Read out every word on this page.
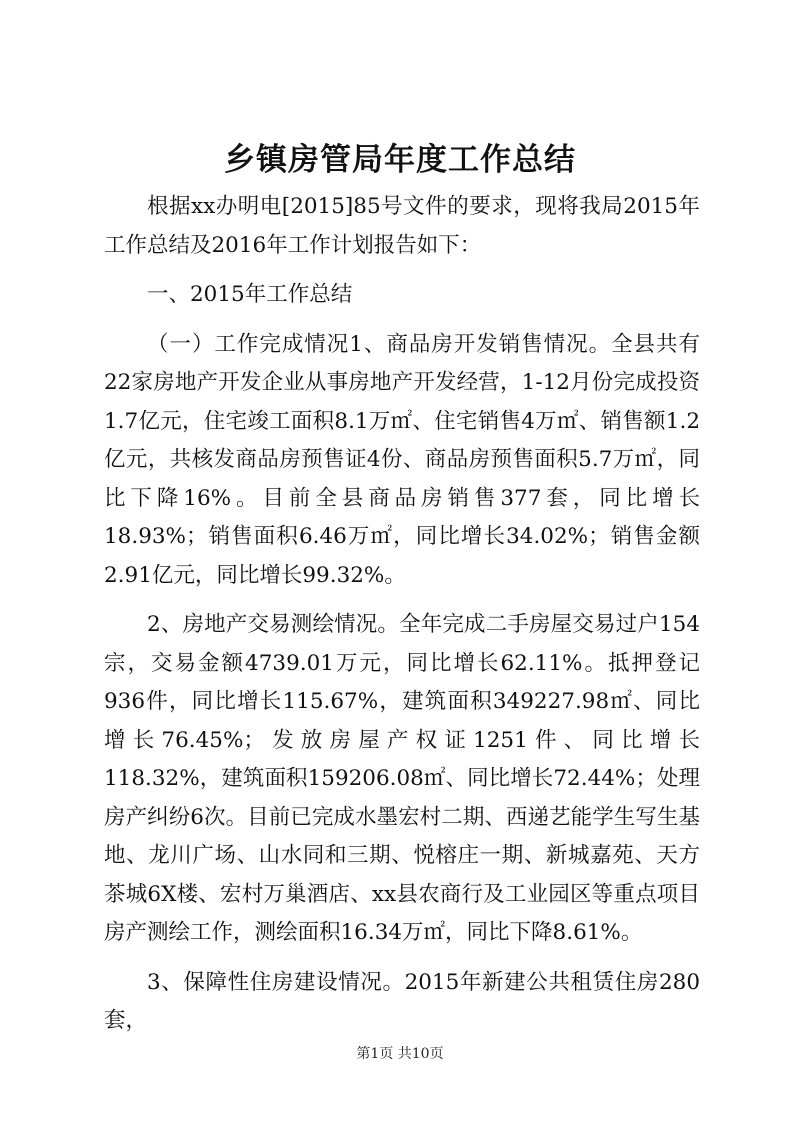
乡镇房管局年度工作总结

根据xx办明电[2015]85号文件的要求，现将我局2015年工作总结及2016年工作计划报告如下：

一、2015年工作总结

（一）工作完成情况1、商品房开发销售情况。全县共有22家房地产开发企业从事房地产开发经营，1-12月份完成投资1.7亿元，住宅竣工面积8.1万㎡、住宅销售4万㎡、销售额1.2亿元，共核发商品房预售证4份、商品房预售面积5.7万㎡，同比下降16%。目前全县商品房销售377套，同比增长18.93%；销售面积6.46万㎡，同比增长34.02%；销售金额2.91亿元，同比增长99.32%。

2、房地产交易测绘情况。全年完成二手房屋交易过户154宗，交易金额4739.01万元，同比增长62.11%。抵押登记936件，同比增长115.67%，建筑面积349227.98㎡、同比增长76.45%；发放房屋产权证1251件、同比增长118.32%，建筑面积159206.08㎡、同比增长72.44%；处理房产纠纷6次。目前已完成水墨宏村二期、西递艺能学生写生基地、龙川广场、山水同和三期、悦榕庄一期、新城嘉苑、天方茶城6X楼、宏村万巢酒店、xx县农商行及工业园区等重点项目房产测绘工作，测绘面积16.34万㎡，同比下降8.61%。

3、保障性住房建设情况。2015年新建公共租赁住房280套，

第1页 共10页
